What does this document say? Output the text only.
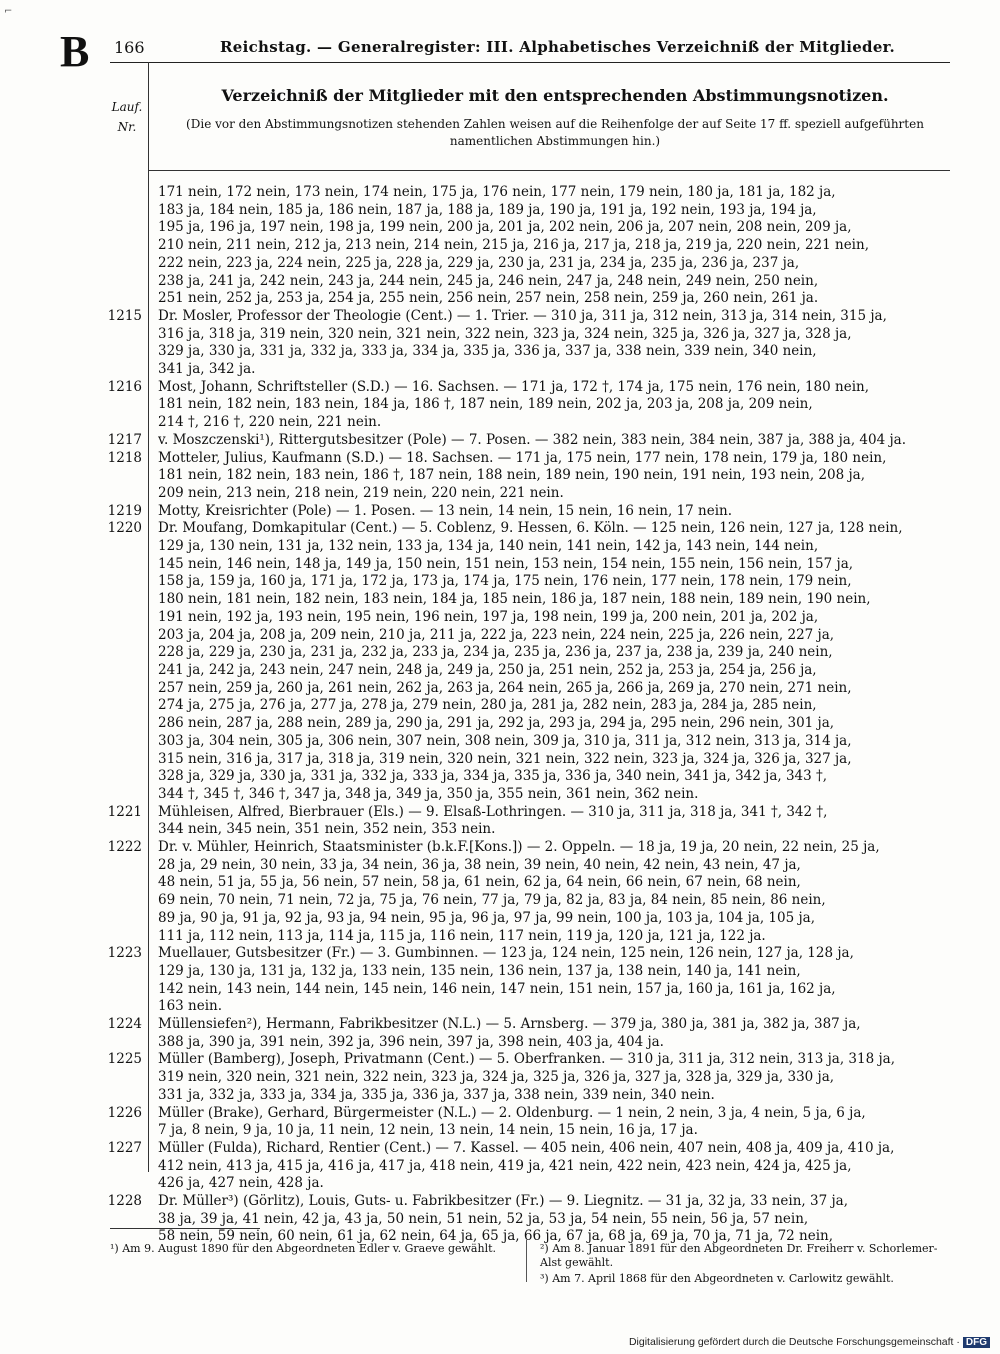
⌐
B 166	Reichstag. — Generalregister: III. Alphabetisches Verzeichniß der Mitglieder.
Lauf.
Nr.
Verzeichniß der Mitglieder mit den entsprechenden Abstimmungsnotizen.
(Die vor den Abstimmungsnotizen stehenden Zahlen weisen auf die Reihenfolge der auf Seite 17 ff. speziell aufgeführten
namentlichen Abstimmungen hin.)
171 nein, 172 nein, 173 nein, 174 nein, 175 ja, 176 nein, 177 nein, 179 nein, 180 ja, 181 ja, 182 ja,
183 ja, 184 nein, 185 ja, 186 nein, 187 ja, 188 ja, 189 ja, 190 ja, 191 ja, 192 nein, 193 ja, 194 ja,
195 ja, 196 ja, 197 nein, 198 ja, 199 nein, 200 ja, 201 ja, 202 nein, 206 ja, 207 nein, 208 nein, 209 ja,
210 nein, 211 nein, 212 ja, 213 nein, 214 nein, 215 ja, 216 ja, 217 ja, 218 ja, 219 ja, 220 nein, 221 nein,
222 nein, 223 ja, 224 nein, 225 ja, 228 ja, 229 ja, 230 ja, 231 ja, 234 ja, 235 ja, 236 ja, 237 ja,
238 ja, 241 ja, 242 nein, 243 ja, 244 nein, 245 ja, 246 nein, 247 ja, 248 nein, 249 nein, 250 nein,
251 nein, 252 ja, 253 ja, 254 ja, 255 nein, 256 nein, 257 nein, 258 nein, 259 ja, 260 nein, 261 ja.
1215 Dr. Mosler, Professor der Theologie (Cent.) — 1. Trier. — 310 ja, 311 ja, 312 nein, 313 ja, 314 nein, 315 ja,
316 ja, 318 ja, 319 nein, 320 nein, 321 nein, 322 nein, 323 ja, 324 nein, 325 ja, 326 ja, 327 ja, 328 ja,
329 ja, 330 ja, 331 ja, 332 ja, 333 ja, 334 ja, 335 ja, 336 ja, 337 ja, 338 nein, 339 nein, 340 nein,
341 ja, 342 ja.
1216 Most, Johann, Schriftsteller (S.D.) — 16. Sachsen. — 171 ja, 172 †, 174 ja, 175 nein, 176 nein, 180 nein,
181 nein, 182 nein, 183 nein, 184 ja, 186 †, 187 nein, 189 nein, 202 ja, 203 ja, 208 ja, 209 nein,
214 †, 216 †, 220 nein, 221 nein.
1217 v. Moszczenski¹), Rittergutsbesitzer (Pole) — 7. Posen. — 382 nein, 383 nein, 384 nein, 387 ja, 388 ja, 404 ja.
1218 Motteler, Julius, Kaufmann (S.D.) — 18. Sachsen. — 171 ja, 175 nein, 177 nein, 178 nein, 179 ja, 180 nein,
181 nein, 182 nein, 183 nein, 186 †, 187 nein, 188 nein, 189 nein, 190 nein, 191 nein, 193 nein, 208 ja,
209 nein, 213 nein, 218 nein, 219 nein, 220 nein, 221 nein.
1219 Motty, Kreisrichter (Pole) — 1. Posen. — 13 nein, 14 nein, 15 nein, 16 nein, 17 nein.
1220 Dr. Moufang, Domkapitular (Cent.) — 5. Coblenz, 9. Hessen, 6. Köln. — 125 nein, 126 nein, 127 ja, 128 nein,
129 ja, 130 nein, 131 ja, 132 nein, 133 ja, 134 ja, 140 nein, 141 nein, 142 ja, 143 nein, 144 nein,
145 nein, 146 nein, 148 ja, 149 ja, 150 nein, 151 nein, 153 nein, 154 nein, 155 nein, 156 nein, 157 ja,
158 ja, 159 ja, 160 ja, 171 ja, 172 ja, 173 ja, 174 ja, 175 nein, 176 nein, 177 nein, 178 nein, 179 nein,
180 nein, 181 nein, 182 nein, 183 nein, 184 ja, 185 nein, 186 ja, 187 nein, 188 nein, 189 nein, 190 nein,
191 nein, 192 ja, 193 nein, 195 nein, 196 nein, 197 ja, 198 nein, 199 ja, 200 nein, 201 ja, 202 ja,
203 ja, 204 ja, 208 ja, 209 nein, 210 ja, 211 ja, 222 ja, 223 nein, 224 nein, 225 ja, 226 nein, 227 ja,
228 ja, 229 ja, 230 ja, 231 ja, 232 ja, 233 ja, 234 ja, 235 ja, 236 ja, 237 ja, 238 ja, 239 ja, 240 nein,
241 ja, 242 ja, 243 nein, 247 nein, 248 ja, 249 ja, 250 ja, 251 nein, 252 ja, 253 ja, 254 ja, 256 ja,
257 nein, 259 ja, 260 ja, 261 nein, 262 ja, 263 ja, 264 nein, 265 ja, 266 ja, 269 ja, 270 nein, 271 nein,
274 ja, 275 ja, 276 ja, 277 ja, 278 ja, 279 nein, 280 ja, 281 ja, 282 nein, 283 ja, 284 ja, 285 nein,
286 nein, 287 ja, 288 nein, 289 ja, 290 ja, 291 ja, 292 ja, 293 ja, 294 ja, 295 nein, 296 nein, 301 ja,
303 ja, 304 nein, 305 ja, 306 nein, 307 nein, 308 nein, 309 ja, 310 ja, 311 ja, 312 nein, 313 ja, 314 ja,
315 nein, 316 ja, 317 ja, 318 ja, 319 nein, 320 nein, 321 nein, 322 nein, 323 ja, 324 ja, 326 ja, 327 ja,
328 ja, 329 ja, 330 ja, 331 ja, 332 ja, 333 ja, 334 ja, 335 ja, 336 ja, 340 nein, 341 ja, 342 ja, 343 †,
344 †, 345 †, 346 †, 347 ja, 348 ja, 349 ja, 350 ja, 355 nein, 361 nein, 362 nein.
1221 Mühleisen, Alfred, Bierbrauer (Els.) — 9. Elsaß-Lothringen. — 310 ja, 311 ja, 318 ja, 341 †, 342 †,
344 nein, 345 nein, 351 nein, 352 nein, 353 nein.
1222 Dr. v. Mühler, Heinrich, Staatsminister (b.k.F.[Kons.]) — 2. Oppeln. — 18 ja, 19 ja, 20 nein, 22 nein, 25 ja,
28 ja, 29 nein, 30 nein, 33 ja, 34 nein, 36 ja, 38 nein, 39 nein, 40 nein, 42 nein, 43 nein, 47 ja,
48 nein, 51 ja, 55 ja, 56 nein, 57 nein, 58 ja, 61 nein, 62 ja, 64 nein, 66 nein, 67 nein, 68 nein,
69 nein, 70 nein, 71 nein, 72 ja, 75 ja, 76 nein, 77 ja, 79 ja, 82 ja, 83 ja, 84 nein, 85 nein, 86 nein,
89 ja, 90 ja, 91 ja, 92 ja, 93 ja, 94 nein, 95 ja, 96 ja, 97 ja, 99 nein, 100 ja, 103 ja, 104 ja, 105 ja,
111 ja, 112 nein, 113 ja, 114 ja, 115 ja, 116 nein, 117 nein, 119 ja, 120 ja, 121 ja, 122 ja.
1223 Muellauer, Gutsbesitzer (Fr.) — 3. Gumbinnen. — 123 ja, 124 nein, 125 nein, 126 nein, 127 ja, 128 ja,
129 ja, 130 ja, 131 ja, 132 ja, 133 nein, 135 nein, 136 nein, 137 ja, 138 nein, 140 ja, 141 nein,
142 nein, 143 nein, 144 nein, 145 nein, 146 nein, 147 nein, 151 nein, 157 ja, 160 ja, 161 ja, 162 ja,
163 nein.
1224 Müllensiefen²), Hermann, Fabrikbesitzer (N.L.) — 5. Arnsberg. — 379 ja, 380 ja, 381 ja, 382 ja, 387 ja,
388 ja, 390 ja, 391 nein, 392 ja, 396 nein, 397 ja, 398 nein, 403 ja, 404 ja.
1225 Müller (Bamberg), Joseph, Privatmann (Cent.) — 5. Oberfranken. — 310 ja, 311 ja, 312 nein, 313 ja, 318 ja,
319 nein, 320 nein, 321 nein, 322 nein, 323 ja, 324 ja, 325 ja, 326 ja, 327 ja, 328 ja, 329 ja, 330 ja,
331 ja, 332 ja, 333 ja, 334 ja, 335 ja, 336 ja, 337 ja, 338 nein, 339 nein, 340 nein.
1226 Müller (Brake), Gerhard, Bürgermeister (N.L.) — 2. Oldenburg. — 1 nein, 2 nein, 3 ja, 4 nein, 5 ja, 6 ja,
7 ja, 8 nein, 9 ja, 10 ja, 11 nein, 12 nein, 13 nein, 14 nein, 15 nein, 16 ja, 17 ja.
1227 Müller (Fulda), Richard, Rentier (Cent.) — 7. Kassel. — 405 nein, 406 nein, 407 nein, 408 ja, 409 ja, 410 ja,
412 nein, 413 ja, 415 ja, 416 ja, 417 ja, 418 nein, 419 ja, 421 nein, 422 nein, 423 nein, 424 ja, 425 ja,
426 ja, 427 nein, 428 ja.
1228 Dr. Müller³) (Görlitz), Louis, Guts- u. Fabrikbesitzer (Fr.) — 9. Liegnitz. — 31 ja, 32 ja, 33 nein, 37 ja,
38 ja, 39 ja, 41 nein, 42 ja, 43 ja, 50 nein, 51 nein, 52 ja, 53 ja, 54 nein, 55 nein, 56 ja, 57 nein,
58 nein, 59 nein, 60 nein, 61 ja, 62 nein, 64 ja, 65 ja, 66 ja, 67 ja, 68 ja, 69 ja, 70 ja, 71 ja, 72 nein,

¹) Am 9. August 1890 für den Abgeordneten Edler v. Graeve gewählt.	²) Am 8. Januar 1891 für den Abgeordneten Dr. Freiherr v. Schorlemer-Alst gewählt.

³) Am 7. April 1868 für den Abgeordneten v. Carlowitz gewählt.

Digitalisierung gefördert durch die Deutsche Forschungsgemeinschaft · DFG
